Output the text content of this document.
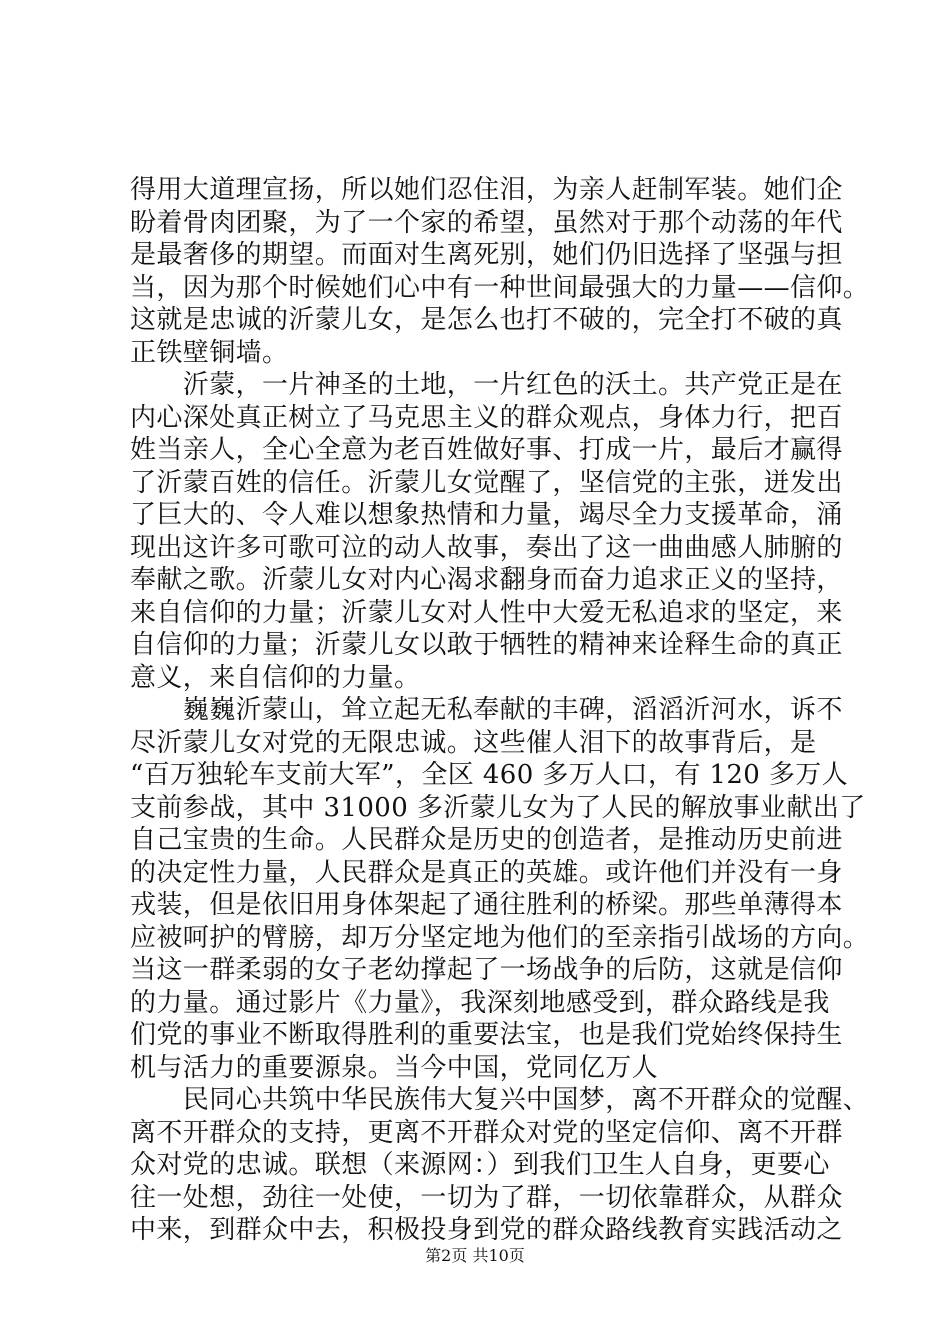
得用大道理宣扬，所以她们忍住泪，为亲人赶制军装。她们企
盼着骨肉团聚，为了一个家的希望，虽然对于那个动荡的年代
是最奢侈的期望。而面对生离死别，她们仍旧选择了坚强与担
当，因为那个时候她们心中有一种世间最强大的力量——信仰。
这就是忠诚的沂蒙儿女，是怎么也打不破的，完全打不破的真
正铁壁铜墙。
　　沂蒙，一片神圣的土地，一片红色的沃土。共产党正是在
内心深处真正树立了马克思主义的群众观点，身体力行，把百
姓当亲人，全心全意为老百姓做好事、打成一片，最后才赢得
了沂蒙百姓的信任。沂蒙儿女觉醒了，坚信党的主张，迸发出
了巨大的、令人难以想象热情和力量，竭尽全力支援革命，涌
现出这许多可歌可泣的动人故事，奏出了这一曲曲感人肺腑的
奉献之歌。沂蒙儿女对内心渴求翻身而奋力追求正义的坚持，
来自信仰的力量；沂蒙儿女对人性中大爱无私追求的坚定，来
自信仰的力量；沂蒙儿女以敢于牺牲的精神来诠释生命的真正
意义，来自信仰的力量。
　　巍巍沂蒙山，耸立起无私奉献的丰碑，滔滔沂河水，诉不
尽沂蒙儿女对党的无限忠诚。这些催人泪下的故事背后，是
“百万独轮车支前大军”，全区 460 多万人口，有 120 多万人
支前参战，其中 31000 多沂蒙儿女为了人民的解放事业献出了
自己宝贵的生命。人民群众是历史的创造者，是推动历史前进
的决定性力量，人民群众是真正的英雄。或许他们并没有一身
戎装，但是依旧用身体架起了通往胜利的桥梁。那些单薄得本
应被呵护的臂膀，却万分坚定地为他们的至亲指引战场的方向。
当这一群柔弱的女子老幼撑起了一场战争的后防，这就是信仰
的力量。通过影片《力量》，我深刻地感受到，群众路线是我
们党的事业不断取得胜利的重要法宝，也是我们党始终保持生
机与活力的重要源泉。当今中国，党同亿万人
　　民同心共筑中华民族伟大复兴中国梦，离不开群众的觉醒、
离不开群众的支持，更离不开群众对党的坚定信仰、离不开群
众对党的忠诚。联想（来源网：）到我们卫生人自身，更要心
往一处想，劲往一处使，一切为了群，一切依靠群众，从群众
中来，到群众中去，积极投身到党的群众路线教育实践活动之
第2页 共10页
